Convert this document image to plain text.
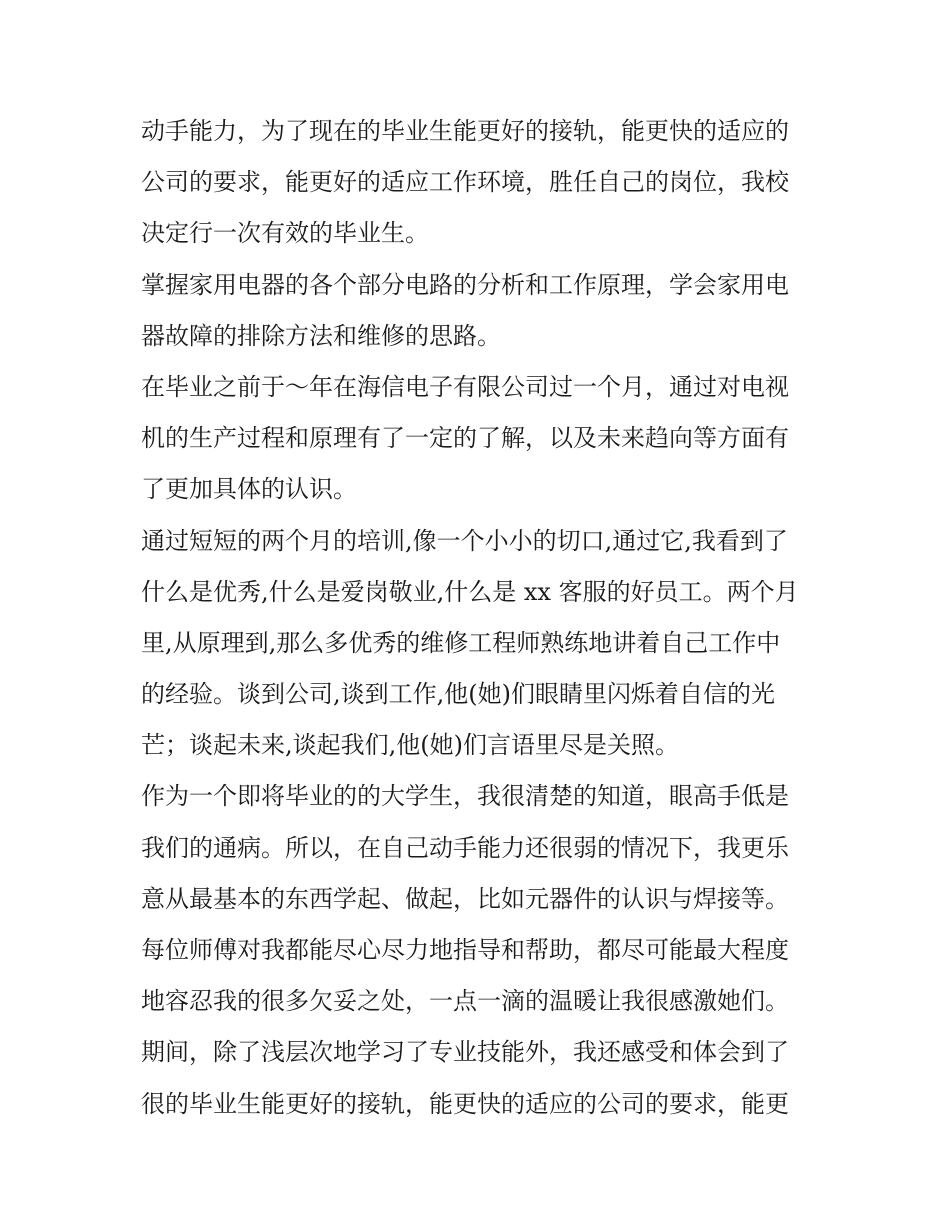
动手能力，为了现在的毕业生能更好的接轨，能更快的适应的
公司的要求，能更好的适应工作环境，胜任自己的岗位，我校
决定行一次有效的毕业生。
掌握家用电器的各个部分电路的分析和工作原理，学会家用电
器故障的排除方法和维修的思路。
在毕业之前于～年在海信电子有限公司过一个月，通过对电视
机的生产过程和原理有了一定的了解，以及未来趋向等方面有
了更加具体的认识。
通过短短的两个月的培训,像一个小小的切口,通过它,我看到了
什么是优秀,什么是爱岗敬业,什么是 xx 客服的好员工。两个月
里,从原理到,那么多优秀的维修工程师熟练地讲着自己工作中
的经验。谈到公司,谈到工作,他(她)们眼睛里闪烁着自信的光
芒；谈起未来,谈起我们,他(她)们言语里尽是关照。
作为一个即将毕业的的大学生，我很清楚的知道，眼高手低是
我们的通病。所以，在自己动手能力还很弱的情况下，我更乐
意从最基本的东西学起、做起，比如元器件的认识与焊接等。
每位师傅对我都能尽心尽力地指导和帮助，都尽可能最大程度
地容忍我的很多欠妥之处，一点一滴的温暖让我很感激她们。
期间，除了浅层次地学习了专业技能外，我还感受和体会到了
很的毕业生能更好的接轨，能更快的适应的公司的要求，能更
